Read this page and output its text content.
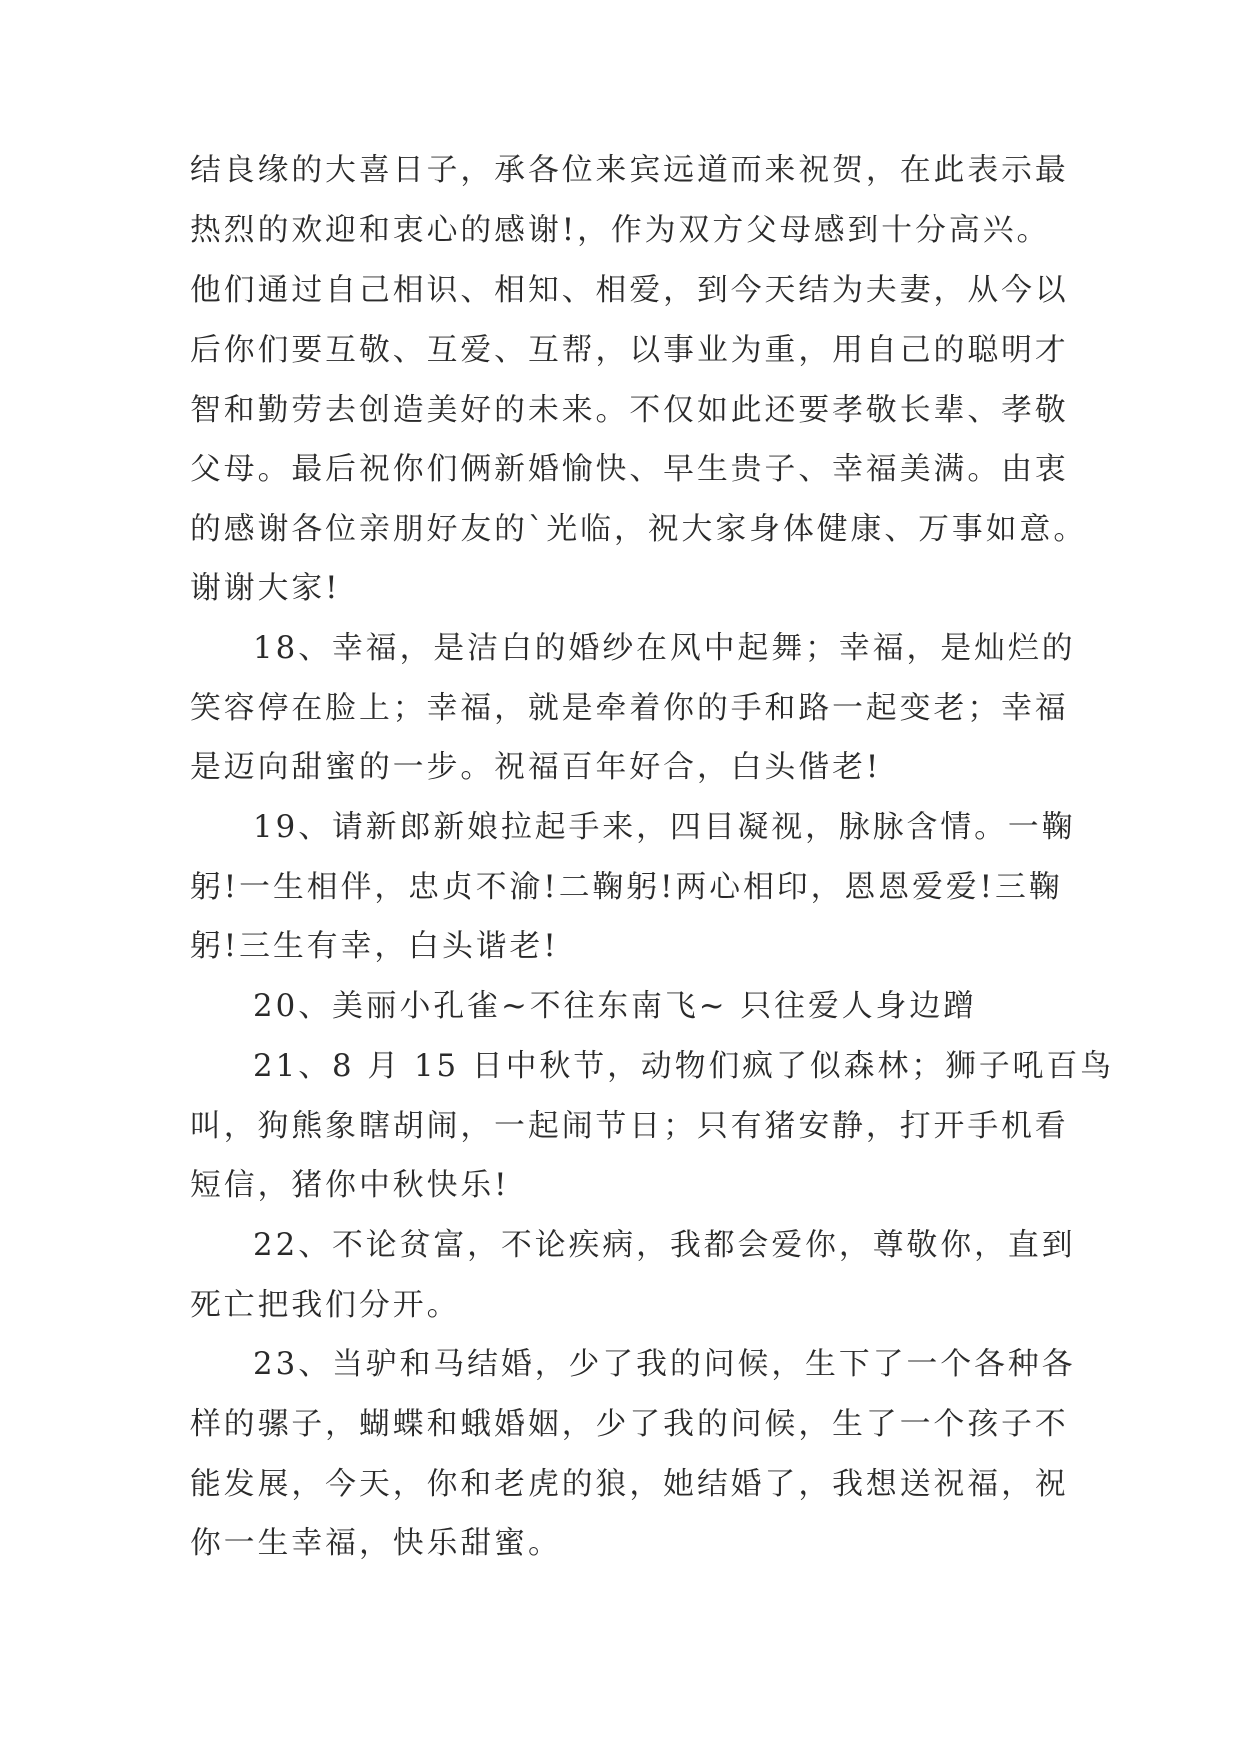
结良缘的大喜日子，承各位来宾远道而来祝贺，在此表示最
热烈的欢迎和衷心的感谢!，作为双方父母感到十分高兴。
他们通过自己相识、相知、相爱，到今天结为夫妻，从今以
后你们要互敬、互爱、互帮，以事业为重，用自己的聪明才
智和勤劳去创造美好的未来。不仅如此还要孝敬长辈、孝敬
父母。最后祝你们俩新婚愉快、早生贵子、幸福美满。由衷
的感谢各位亲朋好友的`光临，祝大家身体健康、万事如意。
谢谢大家!
18、幸福，是洁白的婚纱在风中起舞；幸福，是灿烂的
笑容停在脸上；幸福，就是牵着你的手和路一起变老；幸福
是迈向甜蜜的一步。祝福百年好合，白头偕老!
19、请新郎新娘拉起手来，四目凝视，脉脉含情。一鞠
躬!一生相伴，忠贞不渝!二鞠躬!两心相印，恩恩爱爱!三鞠
躬!三生有幸，白头谐老!
20、美丽小孔雀~不往东南飞~ 只往爱人身边蹭
21、8 月 15 日中秋节，动物们疯了似森林；狮子吼百鸟
叫，狗熊象瞎胡闹，一起闹节日；只有猪安静，打开手机看
短信，猪你中秋快乐!
22、不论贫富，不论疾病，我都会爱你，尊敬你，直到
死亡把我们分开。
23、当驴和马结婚，少了我的问候，生下了一个各种各
样的骡子，蝴蝶和蛾婚姻，少了我的问候，生了一个孩子不
能发展，今天，你和老虎的狼，她结婚了，我想送祝福，祝
你一生幸福，快乐甜蜜。
